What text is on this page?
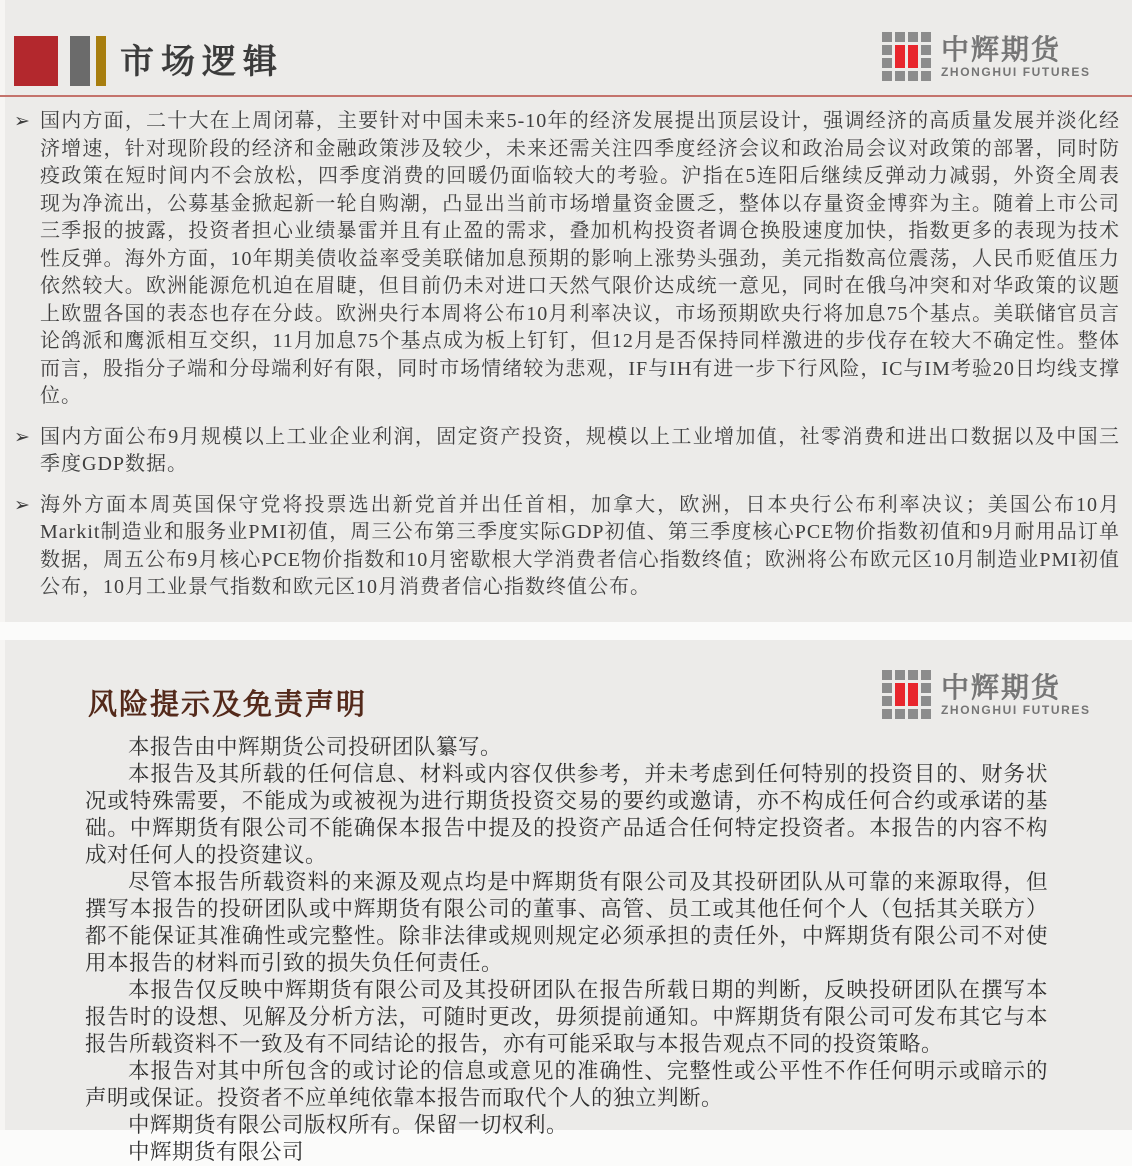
市场逻辑	中辉期货
ZHONGHUI FUTURES
➢ 国内方面，二十大在上周闭幕，主要针对中国未来5-10年的经济发展提出顶层设计，强调经济的高质量发展并淡化经济增速，针对现阶段的经济和金融政策涉及较少，未来还需关注四季度经济会议和政治局会议对政策的部署，同时防疫政策在短时间内不会放松，四季度消费的回暖仍面临较大的考验。沪指在5连阳后继续反弹动力减弱，外资全周表现为净流出，公募基金掀起新一轮自购潮，凸显出当前市场增量资金匮乏，整体以存量资金博弈为主。随着上市公司三季报的披露，投资者担心业绩暴雷并且有止盈的需求，叠加机构投资者调仓换股速度加快，指数更多的表现为技术性反弹。海外方面，10年期美债收益率受美联储加息预期的影响上涨势头强劲，美元指数高位震荡，人民币贬值压力依然较大。欧洲能源危机迫在眉睫，但目前仍未对进口天然气限价达成统一意见，同时在俄乌冲突和对华政策的议题上欧盟各国的表态也存在分歧。欧洲央行本周将公布10月利率决议，市场预期欧央行将加息75个基点。美联储官员言论鸽派和鹰派相互交织，11月加息75个基点成为板上钉钉，但12月是否保持同样激进的步伐存在较大不确定性。整体而言，股指分子端和分母端利好有限，同时市场情绪较为悲观，IF与IH有进一步下行风险，IC与IM考验20日均线支撑位。
➢ 国内方面公布9月规模以上工业企业利润，固定资产投资，规模以上工业增加值，社零消费和进出口数据以及中国三季度GDP数据。
➢ 海外方面本周英国保守党将投票选出新党首并出任首相，加拿大，欧洲，日本央行公布利率决议；美国公布10月Markit制造业和服务业PMI初值，周三公布第三季度实际GDP初值、第三季度核心PCE物价指数初值和9月耐用品订单数据，周五公布9月核心PCE物价指数和10月密歇根大学消费者信心指数终值；欧洲将公布欧元区10月制造业PMI初值公布，10月工业景气指数和欧元区10月消费者信心指数终值公布。
中辉期货
ZHONGHUI FUTURES
风险提示及免责声明

本报告由中辉期货公司投研团队纂写。

本报告及其所载的任何信息、材料或内容仅供参考，并未考虑到任何特别的投资目的、财务状况或特殊需要，不能成为或被视为进行期货投资交易的要约或邀请，亦不构成任何合约或承诺的基础。中辉期货有限公司不能确保本报告中提及的投资产品适合任何特定投资者。本报告的内容不构成对任何人的投资建议。

尽管本报告所载资料的来源及观点均是中辉期货有限公司及其投研团队从可靠的来源取得，但撰写本报告的投研团队或中辉期货有限公司的董事、高管、员工或其他任何个人（包括其关联方）都不能保证其准确性或完整性。除非法律或规则规定必须承担的责任外，中辉期货有限公司不对使用本报告的材料而引致的损失负任何责任。

本报告仅反映中辉期货有限公司及其投研团队在报告所载日期的判断，反映投研团队在撰写本报告时的设想、见解及分析方法，可随时更改，毋须提前通知。中辉期货有限公司可发布其它与本报告所载资料不一致及有不同结论的报告，亦有可能采取与本报告观点不同的投资策略。

本报告对其中所包含的或讨论的信息或意见的准确性、完整性或公平性不作任何明示或暗示的声明或保证。投资者不应单纯依靠本报告而取代个人的独立判断。

中辉期货有限公司版权所有。保留一切权利。

中辉期货有限公司
